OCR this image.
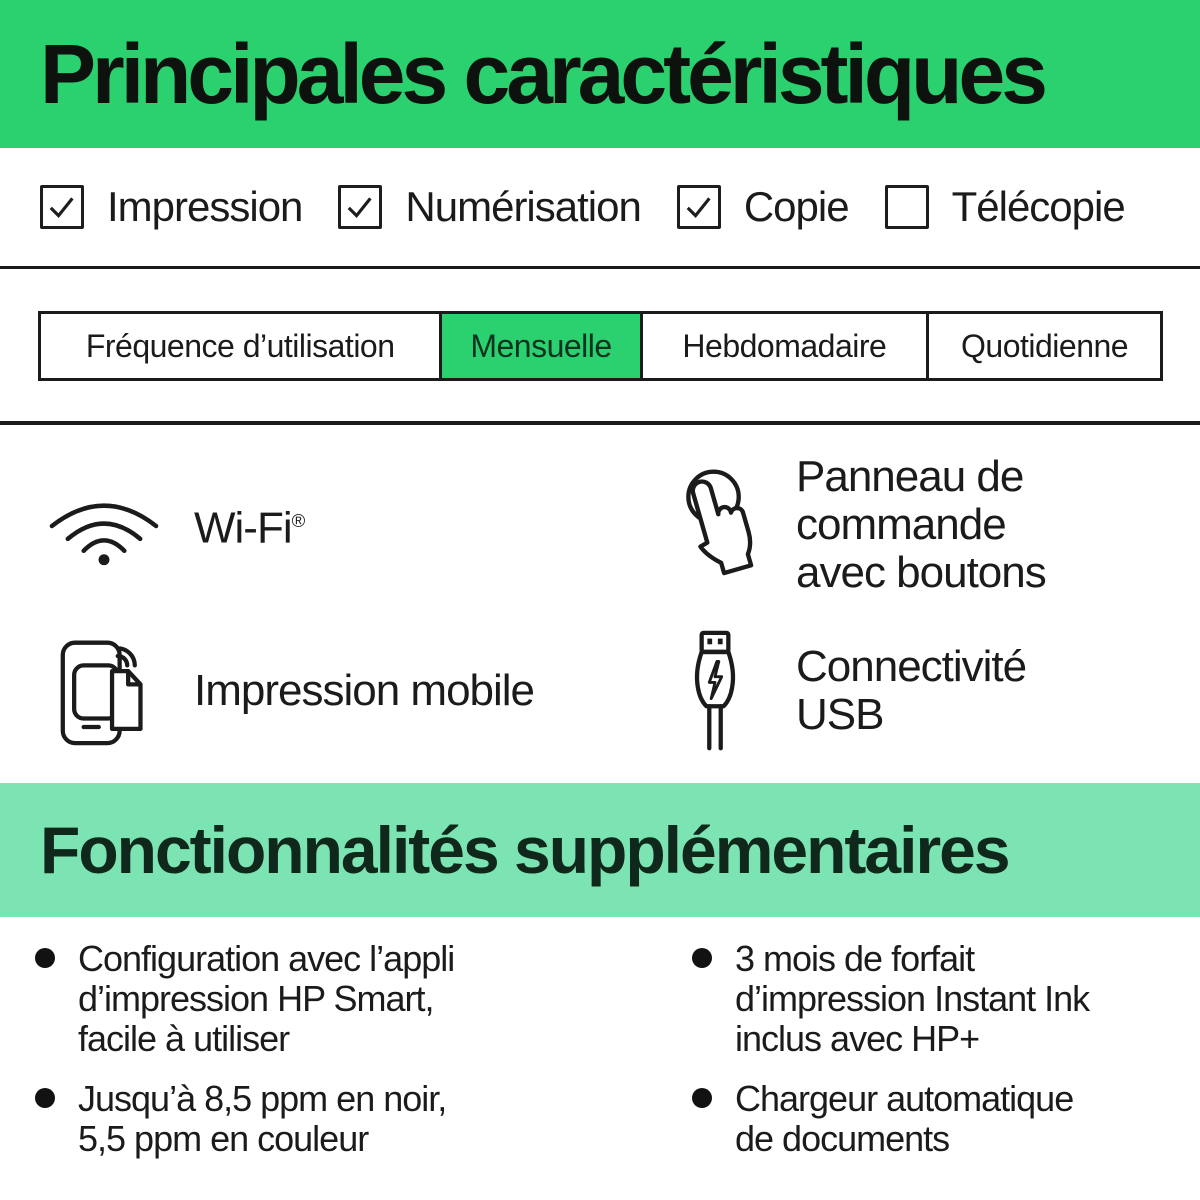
Principales caractéristiques
Impression Numérisation Copie Télécopie
Fréquence d’utilisation	Mensuelle	Hebdomadaire	Quotidienne
Wi-Fi®
Panneau de
commande
avec boutons
Impression mobile	Connectivité
USB
Fonctionnalités supplémentaires
Configuration avec l’appli
d’impression HP Smart,
facile à utiliser
Jusqu’à 8,5 ppm en noir,
5,5 ppm en couleur
3 mois de forfait
d’impression Instant Ink
inclus avec HP+
Chargeur automatique
de documents
